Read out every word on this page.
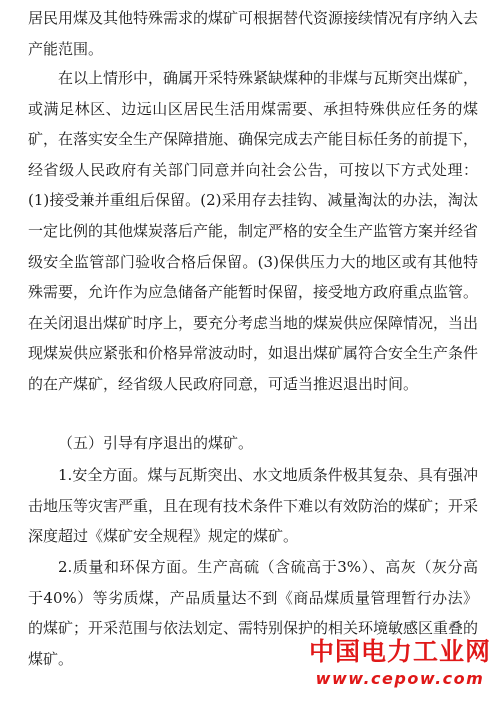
居民用煤及其他特殊需求的煤矿可根据替代资源接续情况有序纳入去产能范围。

在以上情形中，确属开采特殊紧缺煤种的非煤与瓦斯突出煤矿，或满足林区、边远山区居民生活用煤需要、承担特殊供应任务的煤矿，在落实安全生产保障措施、确保完成去产能目标任务的前提下，经省级人民政府有关部门同意并向社会公告，可按以下方式处理：(1)接受兼并重组后保留。(2)采用存去挂钩、减量淘汰的办法，淘汰一定比例的其他煤炭落后产能，制定严格的安全生产监管方案并经省级安全监管部门验收合格后保留。(3)保供压力大的地区或有其他特殊需要，允许作为应急储备产能暂时保留，接受地方政府重点监管。在关闭退出煤矿时序上，要充分考虑当地的煤炭供应保障情况，当出现煤炭供应紧张和价格异常波动时，如退出煤矿属符合安全生产条件的在产煤矿，经省级人民政府同意，可适当推迟退出时间。

（五）引导有序退出的煤矿。

1.安全方面。煤与瓦斯突出、水文地质条件极其复杂、具有强冲击地压等灾害严重，且在现有技术条件下难以有效防治的煤矿；开采深度超过《煤矿安全规程》规定的煤矿。

2.质量和环保方面。生产高硫（含硫高于3%）、高灰（灰分高于40%）等劣质煤，产品质量达不到《商品煤质量管理暂行办法》的煤矿；开采范围与依法划定、需特别保护的相关环境敏感区重叠的煤矿。	中国电力工业网
www.cepow.com
